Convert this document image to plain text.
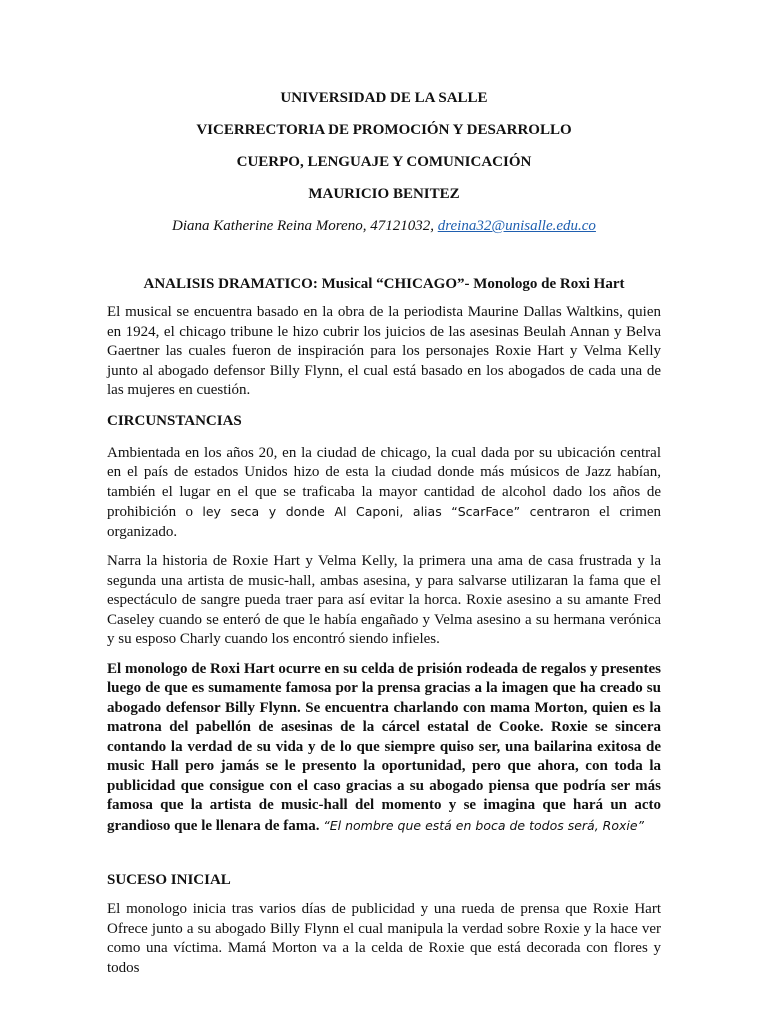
UNIVERSIDAD DE LA SALLE
VICERRECTORIA DE PROMOCIÓN Y DESARROLLO
CUERPO, LENGUAJE Y COMUNICACIÓN
MAURICIO BENITEZ

Diana Katherine Reina Moreno, 47121032, dreina32@unisalle.edu.co

ANALISIS DRAMATICO: Musical “CHICAGO”- Monologo de Roxi Hart

El musical se encuentra basado en la obra de la periodista Maurine Dallas Waltkins, quien en 1924, el chicago tribune le hizo cubrir los juicios de las asesinas Beulah Annan y Belva Gaertner las cuales fueron de inspiración para los personajes Roxie Hart y Velma Kelly junto al abogado defensor Billy Flynn, el cual está basado en los abogados de cada una de las mujeres en cuestión.

CIRCUNSTANCIAS

Ambientada en los años 20, en la ciudad de chicago, la cual dada por su ubicación central en el país de estados Unidos hizo de esta la ciudad donde más músicos de Jazz habían, también el lugar en el que se traficaba la mayor cantidad de alcohol dado los años de prohibición o ley seca y donde Al Caponi, alias “ScarFace” centraron el crimen organizado.

Narra la historia de Roxie Hart y Velma Kelly, la primera una ama de casa frustrada y la segunda una artista de music-hall, ambas asesina, y para salvarse utilizaran la fama que el espectáculo de sangre pueda traer para así evitar la horca. Roxie asesino a su amante Fred Caseley cuando se enteró de que le había engañado y Velma asesino a su hermana verónica y su esposo Charly cuando los encontró siendo infieles.

El monologo de Roxi Hart ocurre en su celda de prisión rodeada de regalos y presentes luego de que es sumamente famosa por la prensa gracias a la imagen que ha creado su abogado defensor Billy Flynn. Se encuentra charlando con mama Morton, quien es la matrona del pabellón de asesinas de la cárcel estatal de Cooke. Roxie se sincera contando la verdad de su vida y de lo que siempre quiso ser, una bailarina exitosa de music Hall pero jamás se le presento la oportunidad, pero que ahora, con toda la publicidad que consigue con el caso gracias a su abogado piensa que podría ser más famosa que la artista de music-hall del momento y se imagina que hará un acto grandioso que le llenara de fama. “El nombre que está en boca de todos será, Roxie”

SUCESO INICIAL

El monologo inicia tras varios días de publicidad y una rueda de prensa que Roxie Hart Ofrece junto a su abogado Billy Flynn el cual manipula la verdad sobre Roxie y la hace ver como una víctima. Mamá Morton va a la celda de Roxie que está decorada con flores y todos
